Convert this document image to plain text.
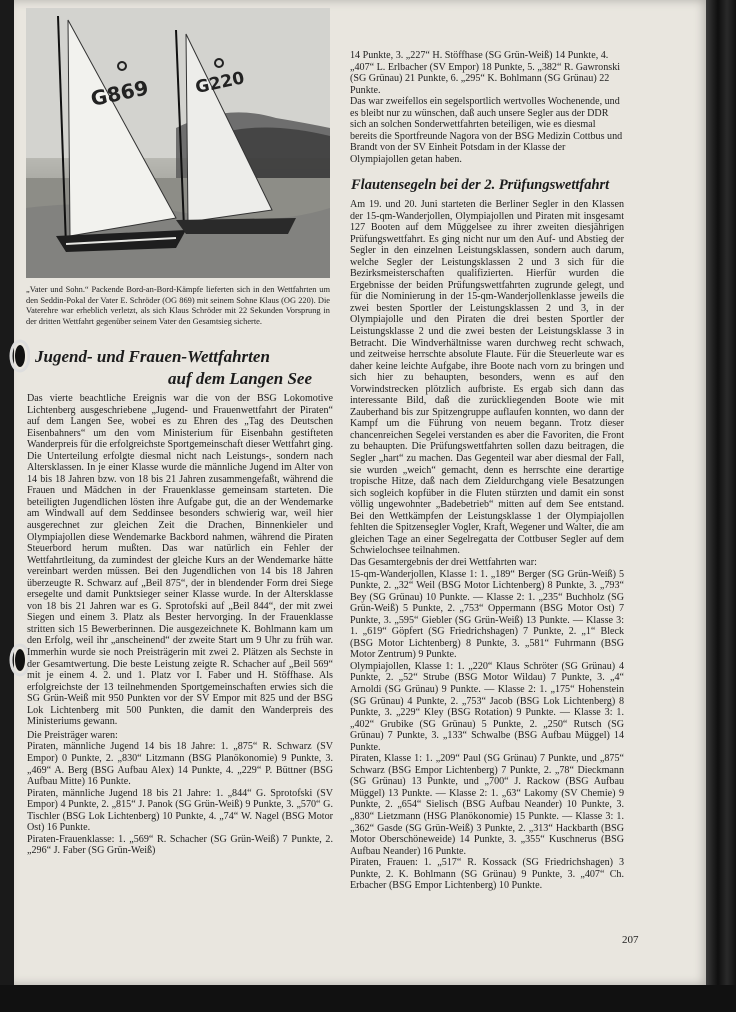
G869	G220
„Vater und Sohn.“ Packende Bord-an-Bord-Kämpfe lieferten sich in den Wettfahrten um den Seddin-Pokal der Vater E. Schröder (OG 869) mit seinem Sohne Klaus (OG 220). Die Vaterehre war erheblich verletzt, als sich Klaus Schröder mit 22 Sekunden Vorsprung in der dritten Wettfahrt gegenüber seinem Vater den Gesamtsieg sicherte.
Jugend- und Frauen-Wettfahrten
auf dem Langen See

Das vierte beachtliche Ereignis war die von der BSG Lokomotive Lichtenberg ausgeschriebene „Jugend- und Frauenwettfahrt der Piraten“ auf dem Langen See, wobei es zu Ehren des „Tag des Deutschen Eisenbahners“ um den vom Ministerium für Eisenbahn gestifteten Wanderpreis für die erfolgreichste Sportgemeinschaft dieser Wettfahrt ging. Die Unterteilung erfolgte diesmal nicht nach Leistungs-, sondern nach Altersklassen. In je einer Klasse wurde die männliche Jugend im Alter von 14 bis 18 Jahren bzw. von 18 bis 21 Jahren zusammengefaßt, während die Frauen und Mädchen in der Frauenklasse gemeinsam starteten. Die beteiligten Jugendlichen lösten ihre Aufgabe gut, die an der Wendemarke am Windwall auf dem Seddinsee besonders schwierig war, weil hier ausgerechnet zur gleichen Zeit die Drachen, Binnenkieler und Olympiajollen diese Wendemarke Backbord nahmen, während die Piraten Steuerbord herum mußten. Das war natürlich ein Fehler der Wettfahrtleitung, da zumindest der gleiche Kurs an der Wendemarke hätte vereinbart werden müssen. Bei den Jugendlichen von 14 bis 18 Jahren überzeugte R. Schwarz auf „Beil 875“, der in blendender Form drei Siege ersegelte und damit Punktsieger seiner Klasse wurde. In der Altersklasse von 18 bis 21 Jahren war es G. Sprotofski auf „Beil 844“, der mit zwei Siegen und einem 3. Platz als Bester hervorging. In der Frauenklasse stritten sich 15 Bewerberinnen. Die ausgezeichnete K. Bohlmann kam um den Erfolg, weil ihr „anscheinend“ der zweite Start um 9 Uhr zu früh war. Immerhin wurde sie noch Preisträgerin mit zwei 2. Plätzen als Sechste in der Gesamtwertung. Die beste Leistung zeigte R. Schacher auf „Beil 569“ mit je einem 4. 2. und 1. Platz vor I. Faber und H. Stöffhase. Als erfolgreichste der 13 teilnehmenden Sportgemeinschaften erwies sich die SG Grün-Weiß mit 950 Punkten vor der SV Empor mit 825 und der BSG Lok Lichtenberg mit 500 Punkten, die damit den Wanderpreis des Ministeriums gewann.

Die Preisträger waren:

Piraten, männliche Jugend 14 bis 18 Jahre: 1. „875“ R. Schwarz (SV Empor) 0 Punkte, 2. „830“ Litzmann (BSG Planökonomie) 9 Punkte, 3. „469“ A. Berg (BSG Aufbau Alex) 14 Punkte, 4. „229“ P. Büttner (BSG Aufbau Mitte) 16 Punkte.

Piraten, männliche Jugend 18 bis 21 Jahre: 1. „844“ G. Sprotofski (SV Empor) 4 Punkte, 2. „815“ J. Panok (SG Grün-Weiß) 9 Punkte, 3. „570“ G. Tischler (BSG Lok Lichtenberg) 10 Punkte, 4. „74“ W. Nagel (BSG Motor Ost) 16 Punkte.

Piraten-Frauenklasse: 1. „569“ R. Schacher (SG Grün-Weiß) 7 Punkte, 2. „296“ J. Faber (SG Grün-Weiß)

14 Punkte, 3. „227“ H. Stöffhase (SG Grün-Weiß) 14 Punkte, 4. „407“ L. Erlbacher (SV Empor) 18 Punkte, 5. „382“ R. Gawronski (SG Grünau) 21 Punkte, 6. „295“ K. Bohlmann (SG Grünau) 22 Punkte.
Das war zweifellos ein segelsportlich wertvolles Wochenende, und es bleibt nur zu wünschen, daß auch unsere Segler aus der DDR sich an solchen Sonderwettfahrten beteiligen, wie es diesmal bereits die Sportfreunde Nagora von der BSG Medizin Cottbus und Brandt von der SV Einheit Potsdam in der Klasse der Olympiajollen getan haben.
Flautensegeln bei der 2. Prüfungswettfahrt

Am 19. und 20. Juni starteten die Berliner Segler in den Klassen der 15-qm-Wanderjollen, Olympiajollen und Piraten mit insgesamt 127 Booten auf dem Müggelsee zu ihrer zweiten diesjährigen Prüfungswettfahrt. Es ging nicht nur um den Auf- und Abstieg der Segler in den einzelnen Leistungsklassen, sondern auch darum, welche Segler der Leistungsklassen 2 und 3 sich für die Bezirksmeisterschaften qualifizierten. Hierfür wurden die Ergebnisse der beiden Prüfungswettfahrten zugrunde gelegt, und für die Nominierung in der 15-qm-Wanderjollenklasse jeweils die zwei besten Sportler der Leistungsklassen 2 und 3, in der Olympiajolle und den Piraten die drei besten Sportler der Leistungsklasse 2 und die zwei besten der Leistungsklasse 3 in Betracht. Die Windverhältnisse waren durchweg recht schwach, und zeitweise herrschte absolute Flaute. Für die Steuerleute war es daher keine leichte Aufgabe, ihre Boote nach vorn zu bringen und sich hier zu behaupten, besonders, wenn es auf den Vorwindstrecken plötzlich aufbriste. Es ergab sich dann das interessante Bild, daß die zurückliegenden Boote wie mit Zauberhand bis zur Spitzengruppe auflaufen konnten, wo dann der Kampf um die Führung von neuem begann. Trotz dieser chancenreichen Segelei verstanden es aber die Favoriten, die Front zu behaupten. Die Prüfungswettfahrten sollen dazu beitragen, die Segler „hart“ zu machen. Das Gegenteil war aber diesmal der Fall, sie wurden „weich“ gemacht, denn es herrschte eine derartige tropische Hitze, daß nach dem Zieldurchgang viele Besatzungen sich sogleich kopfüber in die Fluten stürzten und damit ein sonst völlig ungewohnter „Badebetrieb“ mitten auf dem See entstand. Bei den Wettkämpfen der Leistungsklasse 1 der Olympiajollen fehlten die Spitzensegler Vogler, Kraft, Wegener und Walter, die am gleichen Tage an einer Segelregatta der Cottbuser Segler auf dem Schwielochsee teilnahmen.
Das Gesamtergebnis der drei Wettfahrten war:

15-qm-Wanderjollen, Klasse 1: 1. „189“ Berger (SG Grün-Weiß) 5 Punkte, 2. „32“ Weil (BSG Motor Lichtenberg) 8 Punkte, 3. „793“ Bey (SG Grünau) 10 Punkte. — Klasse 2: 1. „235“ Buchholz (SG Grün-Weiß) 5 Punkte, 2. „753“ Oppermann (BSG Motor Ost) 7 Punkte, 3. „595“ Giebler (SG Grün-Weiß) 13 Punkte. — Klasse 3: 1. „619“ Göpfert (SG Friedrichshagen) 7 Punkte, 2. „1“ Bleck (BSG Motor Lichtenberg) 8 Punkte, 3. „581“ Fuhrmann (BSG Motor Zentrum) 9 Punkte.

Olympiajollen, Klasse 1: 1. „220“ Klaus Schröter (SG Grünau) 4 Punkte, 2. „52“ Strube (BSG Motor Wildau) 7 Punkte, 3. „4“ Arnoldi (SG Grünau) 9 Punkte. — Klasse 2: 1. „175“ Hohenstein (SG Grünau) 4 Punkte, 2. „753“ Jacob (BSG Lok Lichtenberg) 8 Punkte, 3. „229“ Kley (BSG Rotation) 9 Punkte. — Klasse 3: 1. „402“ Grubike (SG Grünau) 5 Punkte, 2. „250“ Rutsch (SG Grünau) 7 Punkte, 3. „133“ Schwalbe (BSG Aufbau Müggel) 14 Punkte.

Piraten, Klasse 1: 1. „209“ Paul (SG Grünau) 7 Punkte, und „875“ Schwarz (BSG Empor Lichtenberg) 7 Punkte, 2. „78“ Dieckmann (SG Grünau) 13 Punkte, und „700“ J. Rackow (BSG Aufbau Müggel) 13 Punkte. — Klasse 2: 1. „63“ Lakomy (SV Chemie) 9 Punkte, 2. „654“ Sielisch (BSG Aufbau Neander) 10 Punkte, 3. „830“ Lietzmann (HSG Planökonomie) 15 Punkte. — Klasse 3: 1. „362“ Gasde (SG Grün-Weiß) 3 Punkte, 2. „313“ Hackbarth (BSG Motor Oberschöneweide) 14 Punkte, 3. „355“ Kuschnerus (BSG Aufbau Neander) 16 Punkte.

Piraten, Frauen: 1. „517“ R. Kossack (SG Friedrichshagen) 3 Punkte, 2. K. Bohlmann (SG Grünau) 9 Punkte, 3. „407“ Ch. Erbacher (BSG Empor Lichtenberg) 10 Punkte.

207
